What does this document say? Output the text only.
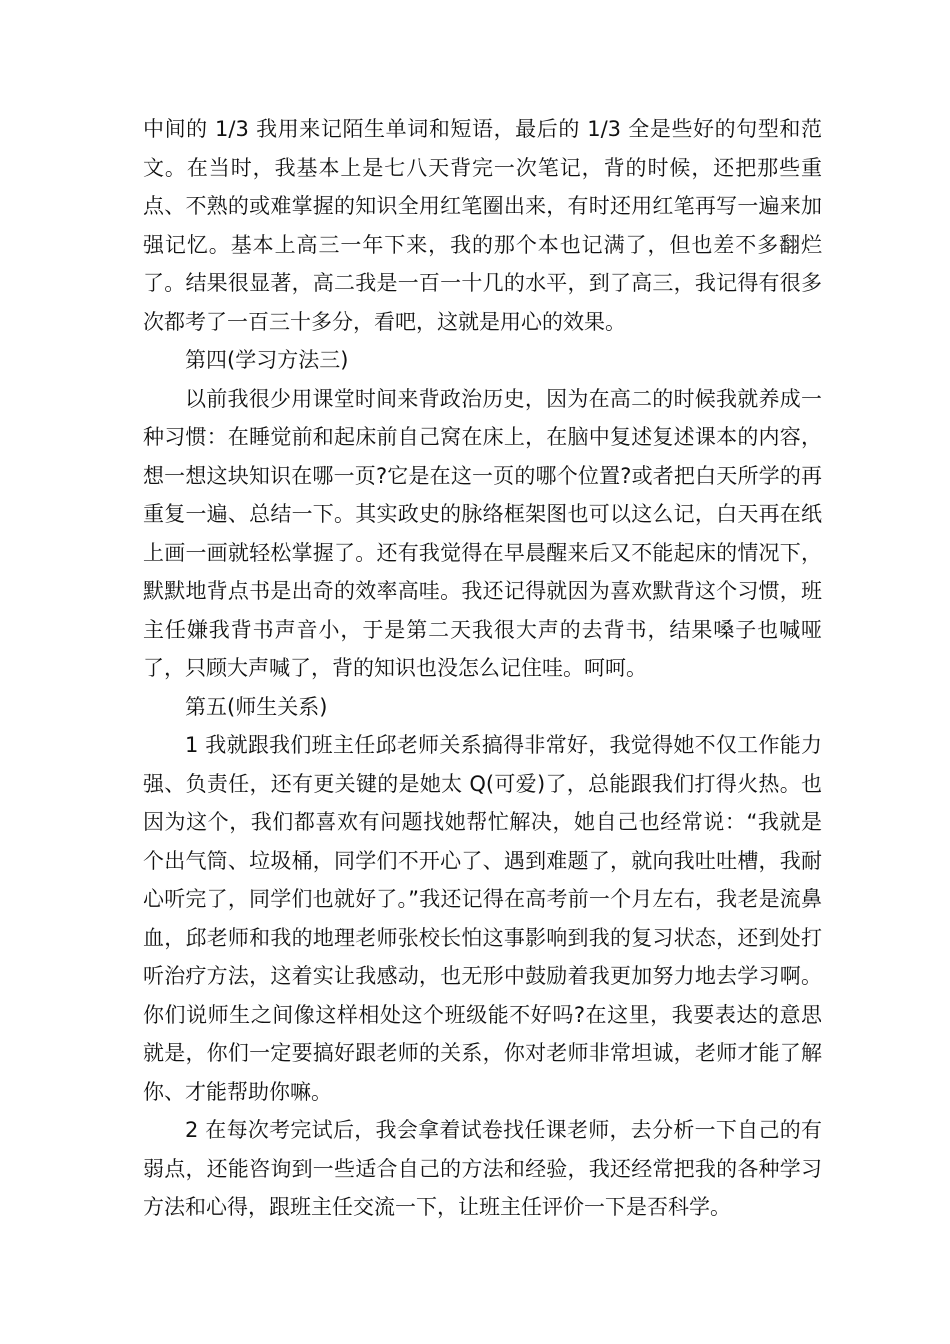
中间的 1/3 我用来记陌生单词和短语，最后的 1/3 全是些好的句型和范文。在当时，我基本上是七八天背完一次笔记，背的时候，还把那些重点、不熟的或难掌握的知识全用红笔圈出来，有时还用红笔再写一遍来加强记忆。基本上高三一年下来，我的那个本也记满了，但也差不多翻烂了。结果很显著，高二我是一百一十几的水平，到了高三，我记得有很多次都考了一百三十多分，看吧，这就是用心的效果。

第四(学习方法三)

以前我很少用课堂时间来背政治历史，因为在高二的时候我就养成一种习惯：在睡觉前和起床前自己窝在床上，在脑中复述复述课本的内容，想一想这块知识在哪一页?它是在这一页的哪个位置?或者把白天所学的再重复一遍、总结一下。其实政史的脉络框架图也可以这么记，白天再在纸上画一画就轻松掌握了。还有我觉得在早晨醒来后又不能起床的情况下，默默地背点书是出奇的效率高哇。我还记得就因为喜欢默背这个习惯，班主任嫌我背书声音小，于是第二天我很大声的去背书，结果嗓子也喊哑了，只顾大声喊了，背的知识也没怎么记住哇。呵呵。

第五(师生关系)

1 我就跟我们班主任邱老师关系搞得非常好，我觉得她不仅工作能力强、负责任，还有更关键的是她太 Q(可爱)了，总能跟我们打得火热。也因为这个，我们都喜欢有问题找她帮忙解决，她自己也经常说：“我就是个出气筒、垃圾桶，同学们不开心了、遇到难题了，就向我吐吐槽，我耐心听完了，同学们也就好了。”我还记得在高考前一个月左右，我老是流鼻血，邱老师和我的地理老师张校长怕这事影响到我的复习状态，还到处打听治疗方法，这着实让我感动，也无形中鼓励着我更加努力地去学习啊。你们说师生之间像这样相处这个班级能不好吗?在这里，我要表达的意思就是，你们一定要搞好跟老师的关系，你对老师非常坦诚，老师才能了解你、才能帮助你嘛。

2 在每次考完试后，我会拿着试卷找任课老师，去分析一下自己的有弱点，还能咨询到一些适合自己的方法和经验，我还经常把我的各种学习方法和心得，跟班主任交流一下，让班主任评价一下是否科学。
